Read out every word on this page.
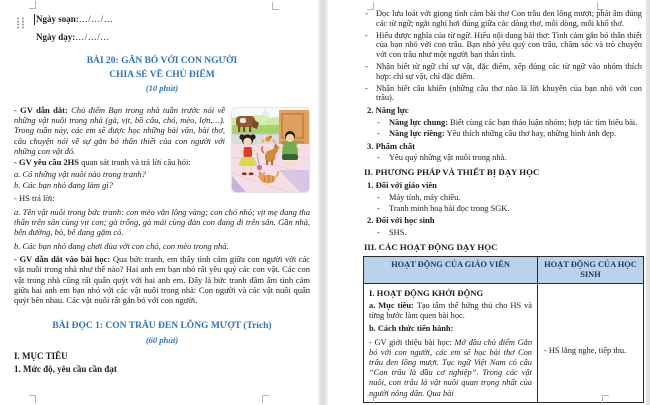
Ngày soạn:…/…/…
Ngày dạy:…/…/…
BÀI 20: GẮN BÓ VỚI CON NGƯỜI
CHIA SẺ VỀ CHỦ ĐIỂM
(10 phút)

- GV dẫn dắt: Chủ điểm Bạn trong nhà tuần trước nói về những vật nuôi trong nhà (gà, vịt, bồ câu, chó, mèo, lợn,…). Trong tuần này, các em sẽ được học những bài văn, bài thơ, câu chuyện nói về sự gắn bó thân thiết của con người với những con vật đó.

- GV yêu cầu 2HS quan sát tranh và trả lời câu hỏi:

a. Có những vật nuôi nào trong tranh?

b. Các bạn nhỏ đang làm gì?

- HS trả lời:

a. Tên vật nuôi trong bức tranh: con mèo vằn lông vàng; con chó nhỏ; vịt mẹ đang tha thẩn trên sân cùng vịt con; gà trống, gà mái cùng đàn con đang đi trên sân. Gần nhà, bên đường, bò, bê đang gặm cỏ.

b. Các bạn nhỏ đang chơi đùa với con chó, con mèo trong nhà.

- GV dẫn dắt vào bài học: Qua bức tranh, em thấy tình cảm giữa con người với các vật nuôi trong nhà như thế nào? Hai anh em bạn nhỏ rất yêu quý các con vật. Các con vật trong nhà cũng rất quấn quýt với hai anh em. Đây là bức tranh đầm ấm tình cảm giữa hai anh em bạn nhỏ với các vật nuôi trong nhà: Con người và các vật nuôi quấn quýt bên nhau. Các vật nuôi rất gắn bó với con người.

BÀI ĐỌC 1: CON TRÂU ĐEN LÔNG MƯỢT (Trích)
(60 phút)
I. MỤC TIÊU
1. Mức độ, yêu cầu cần đạt
- Đọc lưu loát với giọng tình cảm bài thơ Con trâu đen lông mượt; phát âm đúng các từ ngữ; ngắt nghỉ hơi đúng giữa các dòng thơ, mỗi dòng, mỗi khổ thơ.
- Hiểu được nghĩa của từ ngữ. Hiểu nội dung bài thơ: Tình cảm gắn bó thân thiết của bạn nhỏ với con trâu. Bạn nhỏ yêu quý con trâu, chăm sóc và trò chuyện với con trâu như một người bạn thân tình.
- Nhận biết từ ngữ chỉ sự vật, đặc điểm, xếp đúng các từ ngữ vào nhóm thích hợp: chỉ sự vật, chỉ đặc điểm.
- Nhận biết câu khiến (những câu thơ nào là lời khuyên của bạn nhỏ với con trâu).
2. Năng lực
- Năng lực chung: Biết cùng các bạn thảo luận nhóm; hợp tác tìm hiểu bài.
- Năng lực riêng: Yêu thích những câu thơ hay, những hình ảnh đẹp.
3. Phẩm chất
- Yêu quý những vật nuôi trong nhà.
II. PHƯƠNG PHÁP VÀ THIẾT BỊ DẠY HỌC
1. Đối với giáo viên
- Máy tính, máy chiếu.
- Tranh minh hoạ bài đọc trong SGK.
2. Đối với học sinh
- SHS.
III. CÁC HOẠT ĐỘNG DẠY HỌC
HOẠT ĐỘNG CỦA GIÁO VIÊN	HOẠT ĐỘNG CỦA HỌC SINH

I. HOẠT ĐỘNG KHỞI ĐỘNG
a. Mục tiêu: Tạo tâm thế hứng thú cho HS và từng bước làm quen bài học.
b. Cách thức tiến hành:
- GV giới thiệu bài học: Mở đầu chủ điểm Gắn bó với con người, các em sẽ học bài thơ Con trâu đen lông mượt. Tục ngữ Việt Nam có câu “Con trâu là đầu cơ nghiệp”. Trong các vật nuôi, con trâu là vật nuôi quan trọng nhất của người nông dân. Qua bài	- HS lắng nghe, tiếp thu.
